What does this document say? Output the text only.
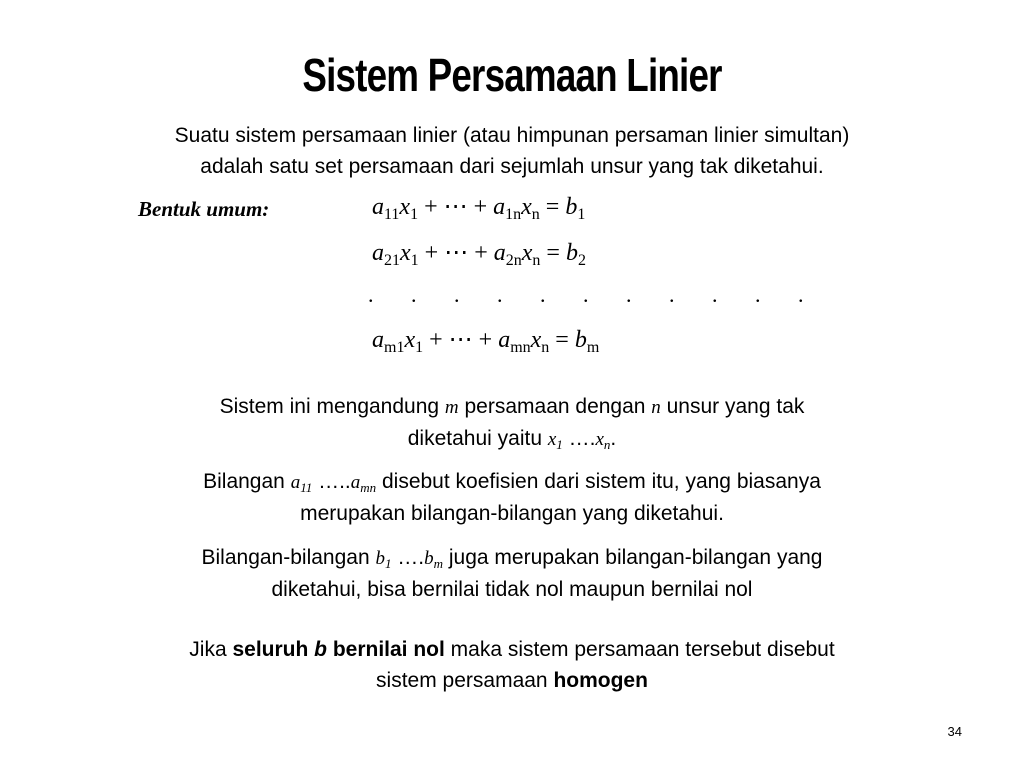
Sistem Persamaan Linier
Suatu sistem persamaan linier (atau himpunan persaman linier simultan)
adalah satu set persamaan dari sejumlah unsur yang tak diketahui.
Bentuk umum:	$a_{11}x_1$ + ⋯ + $a_{1n}x_n = b_1$
$a_{21}x_1$ + ⋯ + $a_{2n}x_n = b_2$
. . . . . . . . . . .
$a_{m1}x_1$ + ⋯ + $a_{mn}x_n = b_m$
Sistem ini mengandung m persamaan dengan n unsur yang tak
diketahui yaitu $x_1$ $\dots.x_n$.
Bilangan $a_{11}$ $\dots..a_{mn}$ disebut koefisien dari sistem itu, yang biasanya
merupakan bilangan-bilangan yang diketahui.
Bilangan-bilangan $b_1$ $\dots.b_m$ juga merupakan bilangan-bilangan yang
diketahui, bisa bernilai tidak nol maupun bernilai nol
Jika seluruh b bernilai nol maka sistem persamaan tersebut disebut
sistem persamaan homogen
34
